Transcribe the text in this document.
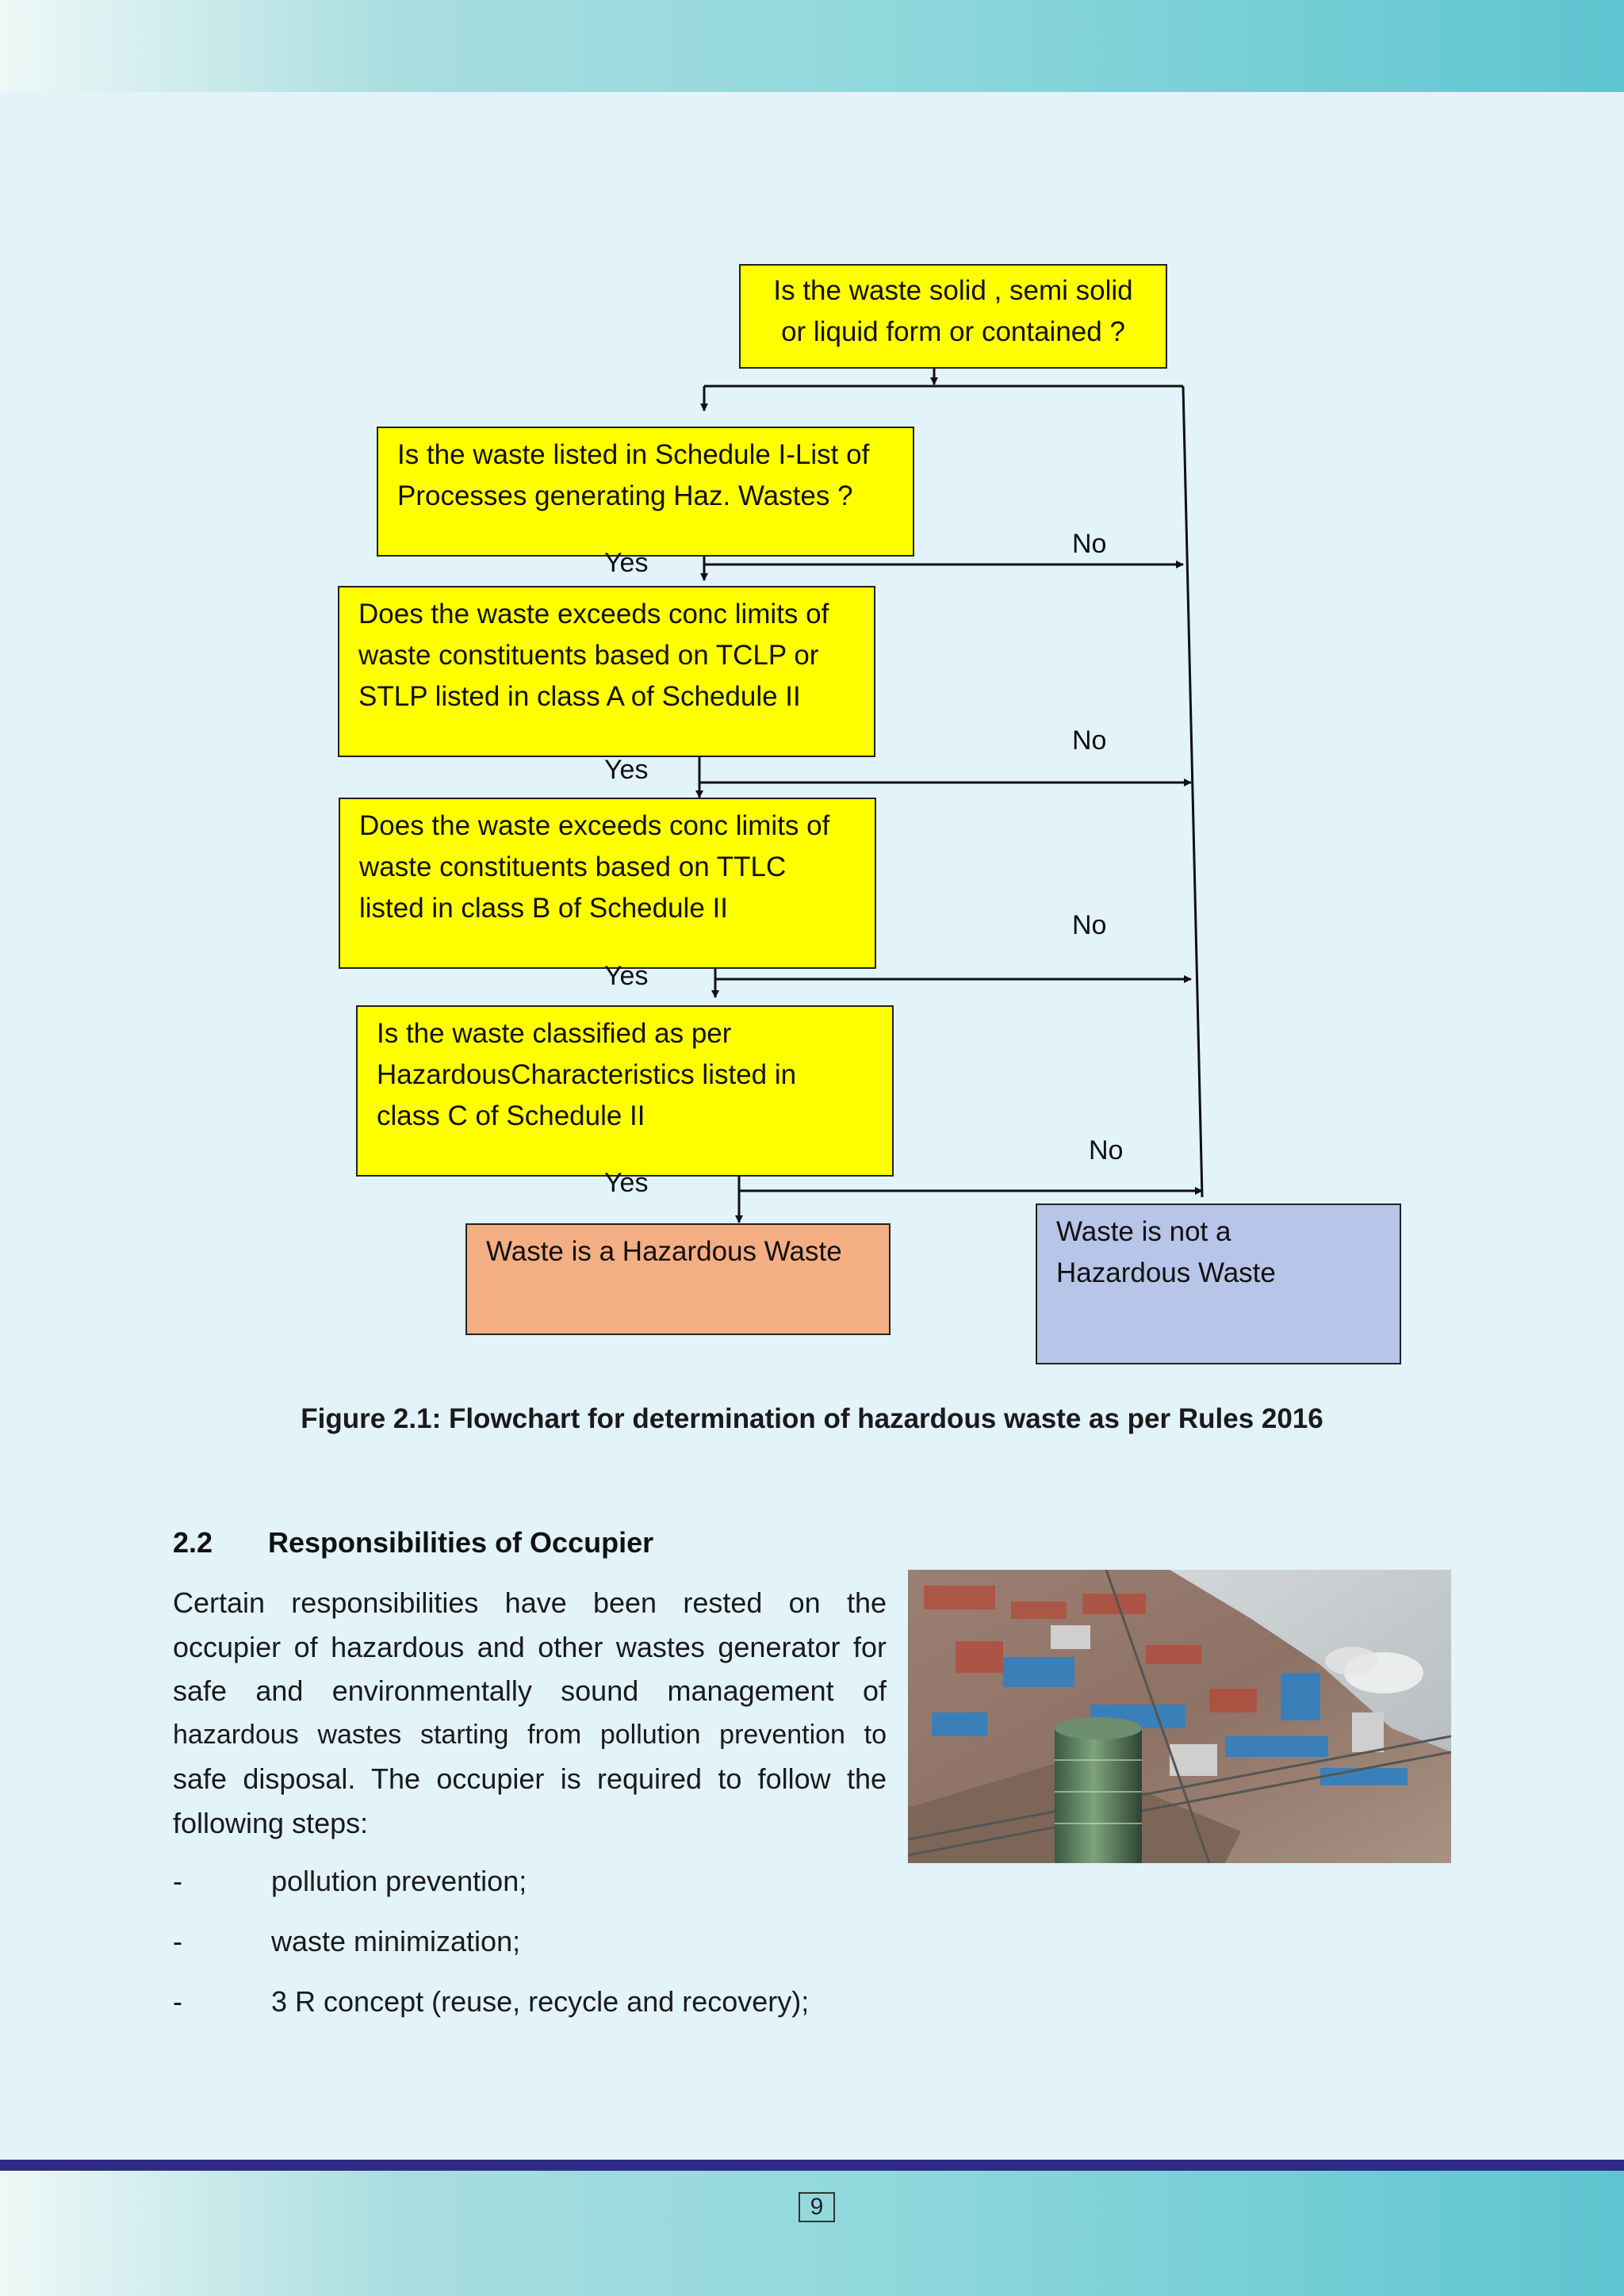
Is the waste solid , semi solid
or liquid form or contained ?
Is the waste listed in Schedule I-List of
Processes generating Haz. Wastes ?
Does the waste exceeds conc limits of
waste constituents based on TCLP or
STLP listed in class A of Schedule II
Does the waste exceeds conc limits of
waste constituents based on TTLC
listed in class B of Schedule II
Is the waste classified as per
HazardousCharacteristics listed in
class C of Schedule II
Waste is a Hazardous Waste
Waste is not a
Hazardous Waste
Yes
Yes
Yes
Yes
No
No
No
No
Figure 2.1: Flowchart for determination of hazardous waste as per Rules 2016
2.2 Responsibilities of Occupier
Certain responsibilities have been rested on the
occupier of hazardous and other wastes generator for
safe and environmentally sound management of
hazardous wastes starting from pollution prevention to
safe disposal. The occupier is required to follow the
following steps:
-	pollution prevention;
-	waste minimization;
-	3 R concept (reuse, recycle and recovery);
9
